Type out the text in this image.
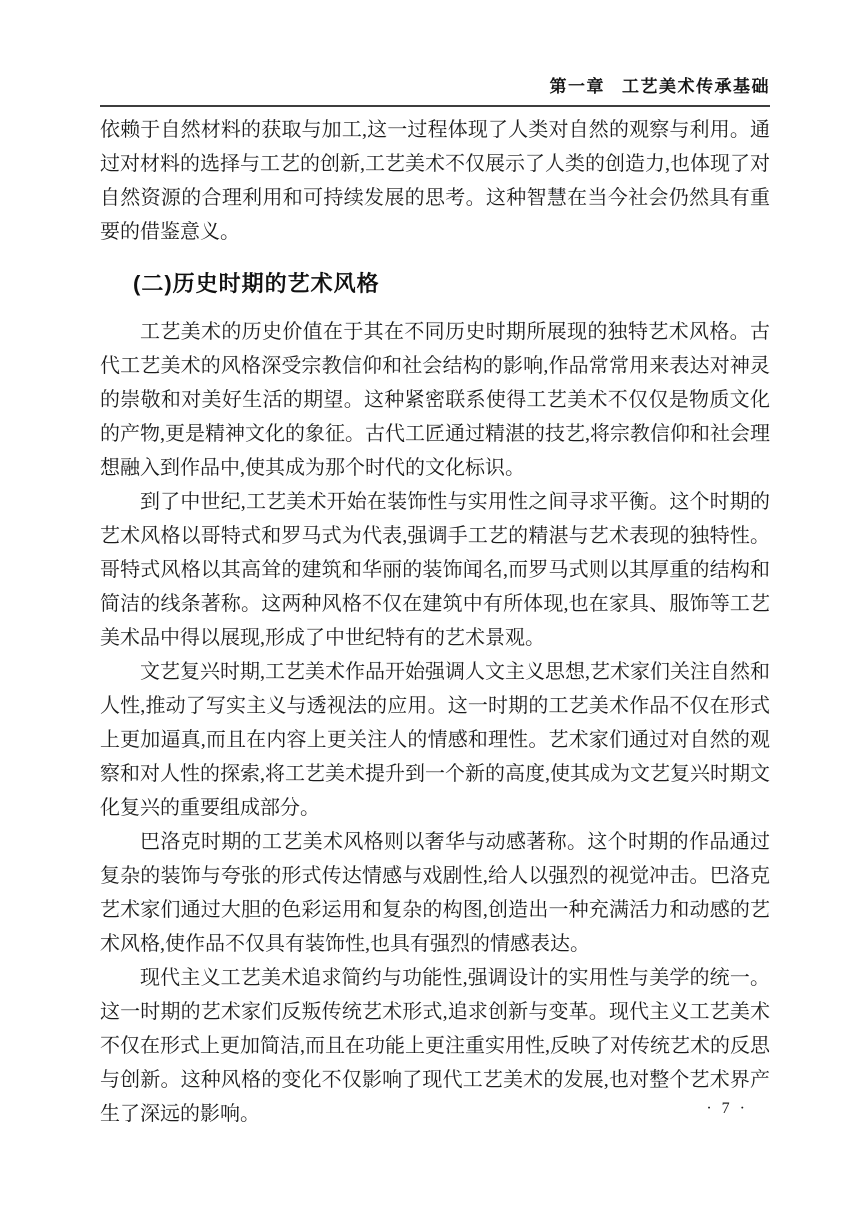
第一章 工艺美术传承基础

依赖于自然材料的获取与加工,这一过程体现了人类对自然的观察与利用。通过对材料的选择与工艺的创新,工艺美术不仅展示了人类的创造力,也体现了对自然资源的合理利用和可持续发展的思考。这种智慧在当今社会仍然具有重要的借鉴意义。

(二)历史时期的艺术风格

工艺美术的历史价值在于其在不同历史时期所展现的独特艺术风格。古代工艺美术的风格深受宗教信仰和社会结构的影响,作品常常用来表达对神灵的崇敬和对美好生活的期望。这种紧密联系使得工艺美术不仅仅是物质文化的产物,更是精神文化的象征。古代工匠通过精湛的技艺,将宗教信仰和社会理想融入到作品中,使其成为那个时代的文化标识。

到了中世纪,工艺美术开始在装饰性与实用性之间寻求平衡。这个时期的艺术风格以哥特式和罗马式为代表,强调手工艺的精湛与艺术表现的独特性。哥特式风格以其高耸的建筑和华丽的装饰闻名,而罗马式则以其厚重的结构和简洁的线条著称。这两种风格不仅在建筑中有所体现,也在家具、服饰等工艺美术品中得以展现,形成了中世纪特有的艺术景观。

文艺复兴时期,工艺美术作品开始强调人文主义思想,艺术家们关注自然和人性,推动了写实主义与透视法的应用。这一时期的工艺美术作品不仅在形式上更加逼真,而且在内容上更关注人的情感和理性。艺术家们通过对自然的观察和对人性的探索,将工艺美术提升到一个新的高度,使其成为文艺复兴时期文化复兴的重要组成部分。

巴洛克时期的工艺美术风格则以奢华与动感著称。这个时期的作品通过复杂的装饰与夸张的形式传达情感与戏剧性,给人以强烈的视觉冲击。巴洛克艺术家们通过大胆的色彩运用和复杂的构图,创造出一种充满活力和动感的艺术风格,使作品不仅具有装饰性,也具有强烈的情感表达。

现代主义工艺美术追求简约与功能性,强调设计的实用性与美学的统一。这一时期的艺术家们反叛传统艺术形式,追求创新与变革。现代主义工艺美术不仅在形式上更加简洁,而且在功能上更注重实用性,反映了对传统艺术的反思与创新。这种风格的变化不仅影响了现代工艺美术的发展,也对整个艺术界产生了深远的影响。	· 7 ·
